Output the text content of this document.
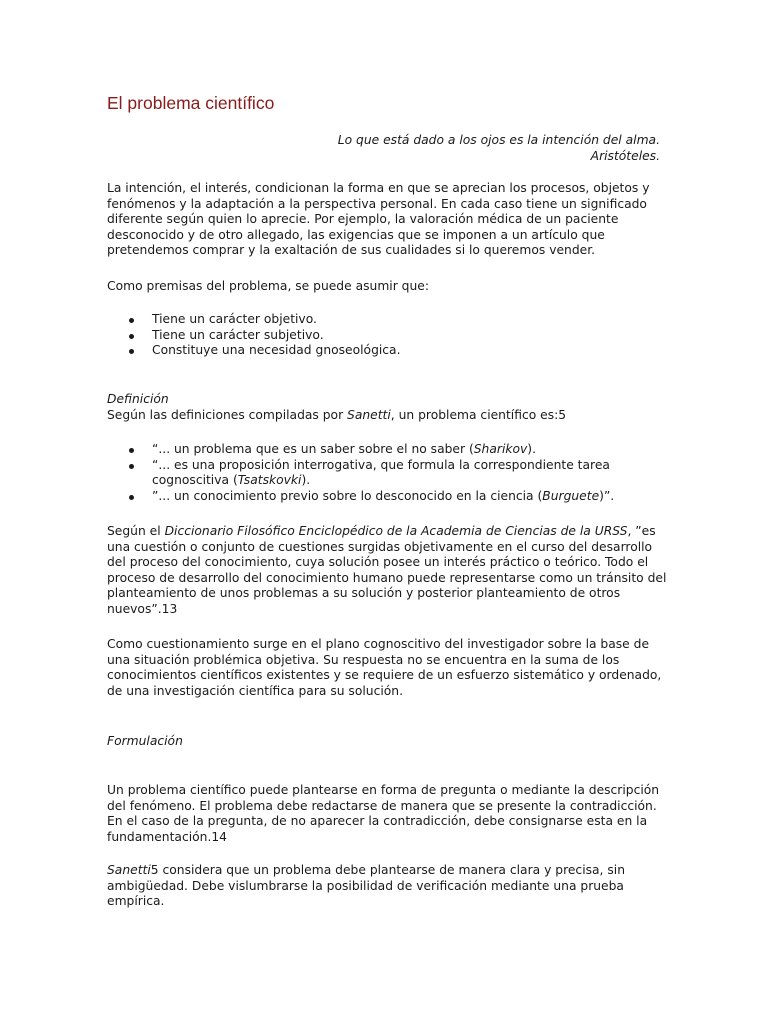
El problema científico
Lo que está dado a los ojos es la intención del alma.
Aristóteles.

La intención, el interés, condicionan la forma en que se aprecian los procesos, objetos y fenómenos y la adaptación a la perspectiva personal. En cada caso tiene un significado diferente según quien lo aprecie. Por ejemplo, la valoración médica de un paciente desconocido y de otro allegado, las exigencias que se imponen a un artículo que pretendemos comprar y la exaltación de sus cualidades si lo queremos vender.

Como premisas del problema, se puede asumir que:

Tiene un carácter objetivo.
Tiene un carácter subjetivo.
Constituye una necesidad gnoseológica.
Definición

Según las definiciones compiladas por Sanetti, un problema científico es:5

“... un problema que es un saber sobre el no saber (Sharikov).
“... es una proposición interrogativa, que formula la correspondiente tarea cognoscitiva (Tsatskovki).
”... un conocimiento previo sobre lo desconocido en la ciencia (Burguete)”.

Según el Diccionario Filosófico Enciclopédico de la Academia de Ciencias de la URSS, ”es una cuestión o conjunto de cuestiones surgidas objetivamente en el curso del desarrollo del proceso del conocimiento, cuya solución posee un interés práctico o teórico. Todo el proceso de desarrollo del conocimiento humano puede representarse como un tránsito del planteamiento de unos problemas a su solución y posterior planteamiento de otros nuevos”.13

Como cuestionamiento surge en el plano cognoscitivo del investigador sobre la base de una situación problémica objetiva. Su respuesta no se encuentra en la suma de los conocimientos científicos existentes y se requiere de un esfuerzo sistemático y ordenado, de una investigación científica para su solución.

Formulación

Un problema científico puede plantearse en forma de pregunta o mediante la descripción del fenómeno. El problema debe redactarse de manera que se presente la contradicción. En el caso de la pregunta, de no aparecer la contradicción, debe consignarse esta en la fundamentación.14

Sanetti5 considera que un problema debe plantearse de manera clara y precisa, sin ambigüedad. Debe vislumbrarse la posibilidad de verificación mediante una prueba empírica.
